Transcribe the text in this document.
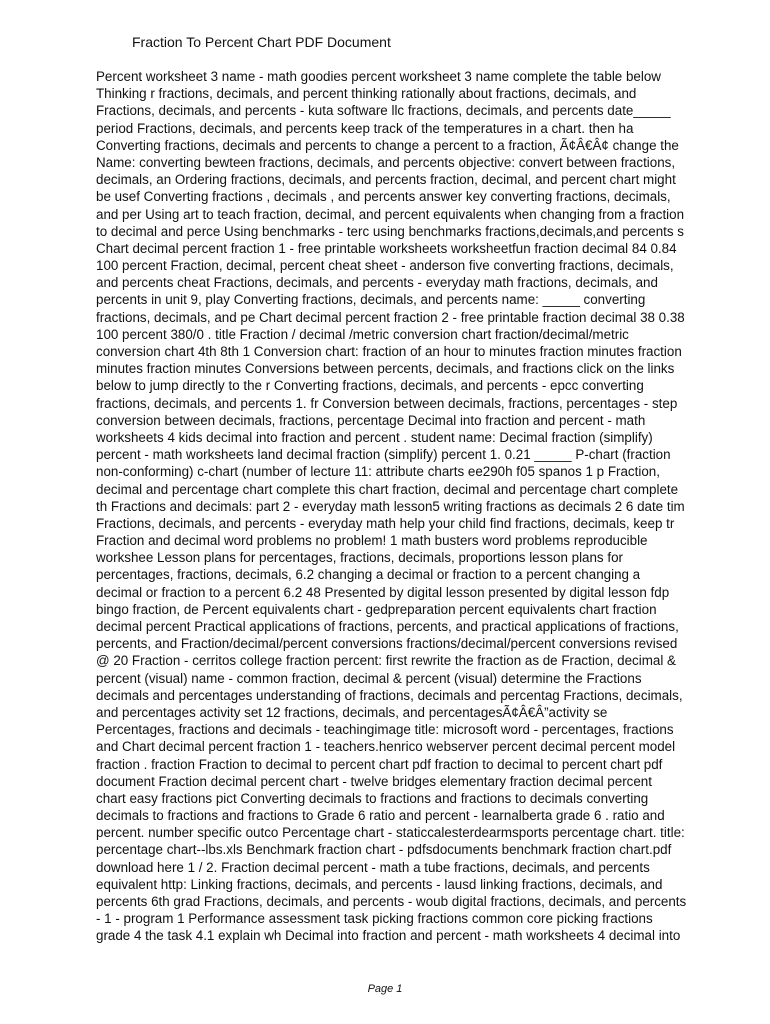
Fraction To Percent Chart PDF Document
Percent worksheet 3 name - math goodies percent worksheet 3 name complete the table below
Thinking r fractions, decimals, and percent thinking rationally about fractions, decimals, and
Fractions, decimals, and percents - kuta software llc fractions, decimals, and percents date_____
period Fractions, decimals, and percents keep track of the temperatures in a chart. then ha
Converting fractions, decimals and percents to change a percent to a fraction, Ã¢Â€Â¢ change the
Name: converting bewteen fractions, decimals, and percents objective: convert between fractions,
decimals, an Ordering fractions, decimals, and percents fraction, decimal, and percent chart might
be usef Converting fractions , decimals , and percents answer key converting fractions, decimals,
and per Using art to teach fraction, decimal, and percent equivalents when changing from a fraction
to decimal and perce Using benchmarks - terc using benchmarks fractions,decimals,and percents s
Chart decimal percent fraction 1 - free printable worksheets worksheetfun fraction decimal 84 0.84
100 percent Fraction, decimal, percent cheat sheet - anderson five converting fractions, decimals,
and percents cheat Fractions, decimals, and percents - everyday math fractions, decimals, and
percents in unit 9, play Converting fractions, decimals, and percents name: _____ converting
fractions, decimals, and pe Chart decimal percent fraction 2 - free printable fraction decimal 38 0.38
100 percent 380/0 . title Fraction / decimal /metric conversion chart fraction/decimal/metric
conversion chart 4th 8th 1 Conversion chart: fraction of an hour to minutes fraction minutes fraction
minutes fraction minutes Conversions between percents, decimals, and fractions click on the links
below to jump directly to the r Converting fractions, decimals, and percents - epcc converting
fractions, decimals, and percents 1. fr Conversion between decimals, fractions, percentages - step
conversion between decimals, fractions, percentage Decimal into fraction and percent - math
worksheets 4 kids decimal into fraction and percent . student name: Decimal fraction (simplify)
percent - math worksheets land decimal fraction (simplify) percent 1. 0.21 _____ P-chart (fraction
non-conforming) c-chart (number of lecture 11: attribute charts ee290h f05 spanos 1 p Fraction,
decimal and percentage chart complete this chart fraction, decimal and percentage chart complete
th Fractions and decimals: part 2 - everyday math lesson5 writing fractions as decimals 2 6 date tim
Fractions, decimals, and percents - everyday math help your child find fractions, decimals, keep tr
Fraction and decimal word problems no problem! 1 math busters word problems reproducible
workshee Lesson plans for percentages, fractions, decimals, proportions lesson plans for
percentages, fractions, decimals, 6.2 changing a decimal or fraction to a percent changing a
decimal or fraction to a percent 6.2 48 Presented by digital lesson presented by digital lesson fdp
bingo fraction, de Percent equivalents chart - gedpreparation percent equivalents chart fraction
decimal percent Practical applications of fractions, percents, and practical applications of fractions,
percents, and Fraction/decimal/percent conversions fractions/decimal/percent conversions revised
@ 20 Fraction - cerritos college fraction percent: first rewrite the fraction as de Fraction, decimal &
percent (visual) name - common fraction, decimal & percent (visual) determine the Fractions
decimals and percentages understanding of fractions, decimals and percentag Fractions, decimals,
and percentages activity set 12 fractions, decimals, and percentagesÃ¢Â€Â”activity se
Percentages, fractions and decimals - teachingimage title: microsoft word - percentages, fractions
and Chart decimal percent fraction 1 - teachers.henrico webserver percent decimal percent model
fraction . fraction Fraction to decimal to percent chart pdf fraction to decimal to percent chart pdf
document Fraction decimal percent chart - twelve bridges elementary fraction decimal percent
chart easy fractions pict Converting decimals to fractions and fractions to decimals converting
decimals to fractions and fractions to Grade 6 ratio and percent - learnalberta grade 6 . ratio and
percent. number specific outco Percentage chart - staticcalesterdearmsports percentage chart. title:
percentage chart--lbs.xls Benchmark fraction chart - pdfsdocuments benchmark fraction chart.pdf
download here 1 / 2. Fraction decimal percent - math a tube fractions, decimals, and percents
equivalent http: Linking fractions, decimals, and percents - lausd linking fractions, decimals, and
percents 6th grad Fractions, decimals, and percents - woub digital fractions, decimals, and percents
- 1 - program 1 Performance assessment task picking fractions common core picking fractions
grade 4 the task 4.1 explain wh Decimal into fraction and percent - math worksheets 4 decimal into
Page 1
